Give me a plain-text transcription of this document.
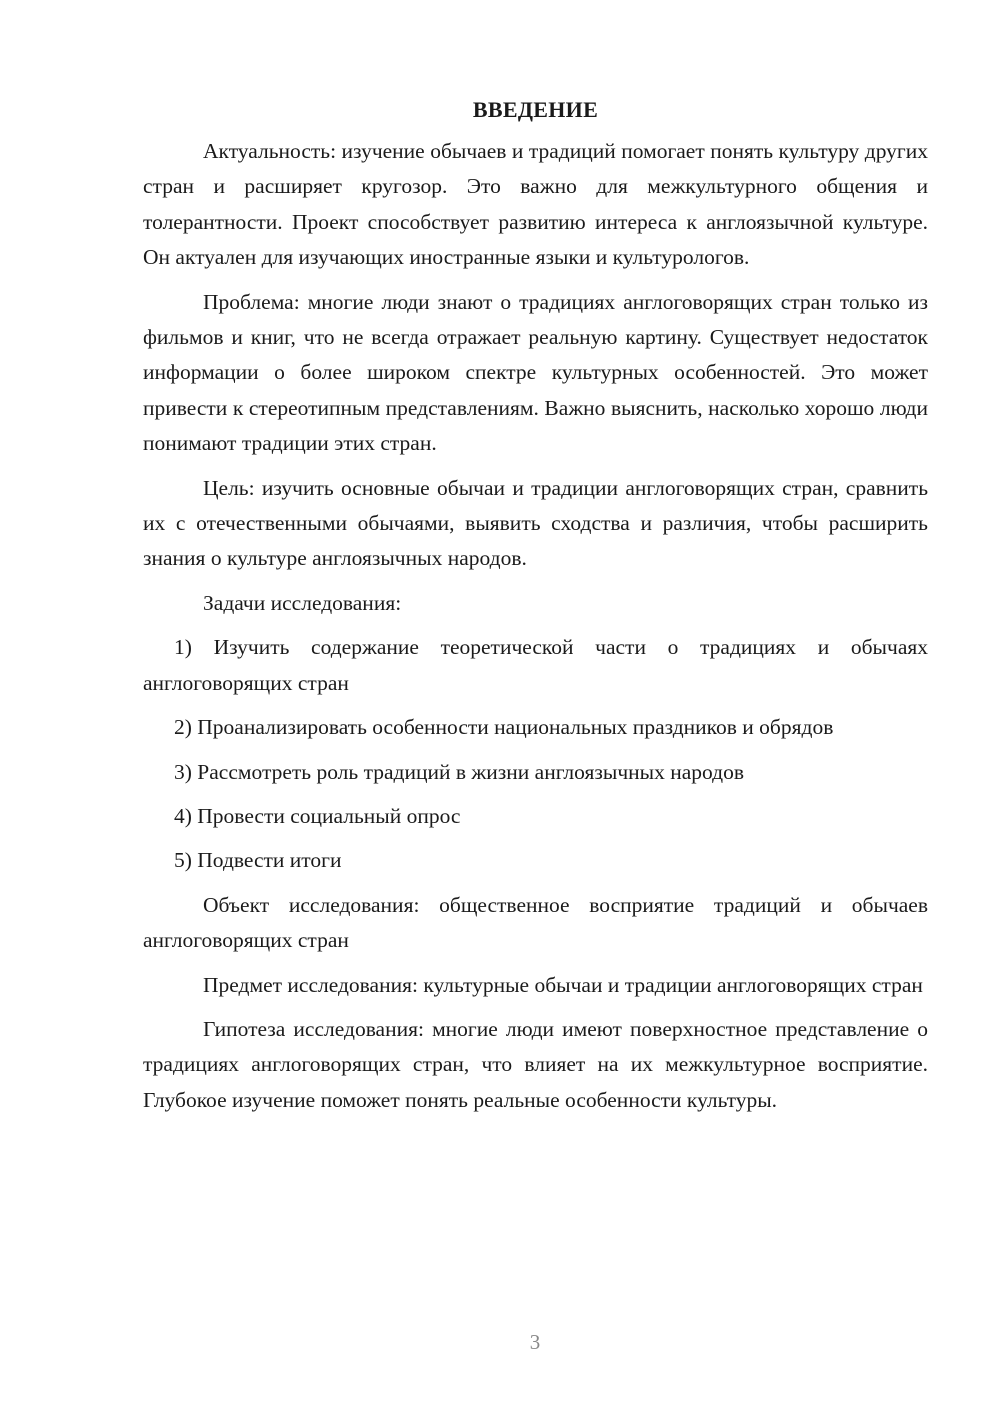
ВВЕДЕНИЕ

Актуальность: изучение обычаев и традиций помогает понять культуру других стран и расширяет кругозор. Это важно для межкультурного общения и толерантности. Проект способствует развитию интереса к англоязычной культуре. Он актуален для изучающих иностранные языки и культурологов.

Проблема: многие люди знают о традициях англоговорящих стран только из фильмов и книг, что не всегда отражает реальную картину. Существует недостаток информации о более широком спектре культурных особенностей. Это может привести к стереотипным представлениям. Важно выяснить, насколько хорошо люди понимают традиции этих стран.

Цель: изучить основные обычаи и традиции англоговорящих стран, сравнить их с отечественными обычаями, выявить сходства и различия, чтобы расширить знания о культуре англоязычных народов.

Задачи исследования:

1) Изучить содержание теоретической части о традициях и обычаях англоговорящих стран

2) Проанализировать особенности национальных праздников и обрядов

3) Рассмотреть роль традиций в жизни англоязычных народов

4) Провести социальный опрос

5) Подвести итоги

Объект исследования: общественное восприятие традиций и обычаев англоговорящих стран

Предмет исследования: культурные обычаи и традиции англоговорящих стран

Гипотеза исследования: многие люди имеют поверхностное представление о традициях англоговорящих стран, что влияет на их межкультурное восприятие. Глубокое изучение поможет понять реальные особенности культуры.

3
